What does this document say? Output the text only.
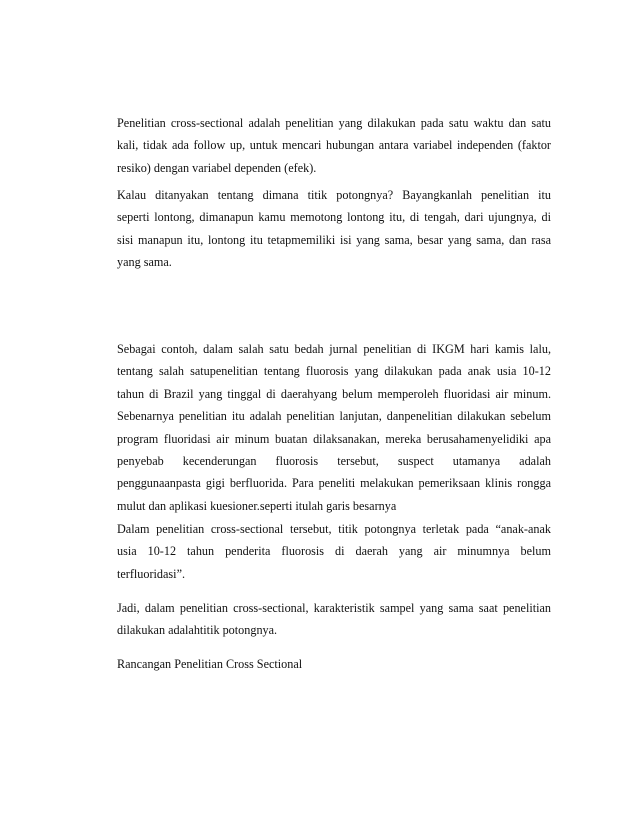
Penelitian cross-sectional adalah penelitian yang dilakukan pada satu waktu dan satu
kali, tidak ada follow up, untuk mencari hubungan antara variabel independen (faktor
resiko) dengan variabel dependen (efek).
Kalau ditanyakan tentang dimana titik potongnya? Bayangkanlah penelitian itu
seperti lontong, dimanapun kamu memotong lontong itu, di tengah, dari ujungnya, di
sisi manapun itu, lontong itu tetapmemiliki isi yang sama, besar yang sama, dan rasa
yang sama.
Sebagai contoh, dalam salah satu bedah jurnal penelitian di IKGM hari kamis lalu,
tentang salah satupenelitian tentang fluorosis yang dilakukan pada anak usia 10-12
tahun di Brazil yang tinggal di daerahyang belum memperoleh fluoridasi air minum.
Sebenarnya penelitian itu adalah penelitian lanjutan, danpenelitian dilakukan sebelum
program fluoridasi air minum buatan dilaksanakan, mereka berusahamenyelidiki apa
penyebab kecenderungan fluorosis tersebut, suspect utamanya adalah
penggunaanpasta gigi berfluorida. Para peneliti melakukan pemeriksaan klinis rongga
mulut dan aplikasi kuesioner.seperti itulah garis besarnya
Dalam penelitian cross-sectional tersebut, titik potongnya terletak pada “anak-anak
usia 10-12 tahun penderita fluorosis di daerah yang air minumnya belum
terfluoridasi”.
Jadi, dalam penelitian cross-sectional, karakteristik sampel yang sama saat penelitian
dilakukan adalahtitik potongnya.
Rancangan Penelitian Cross Sectional
